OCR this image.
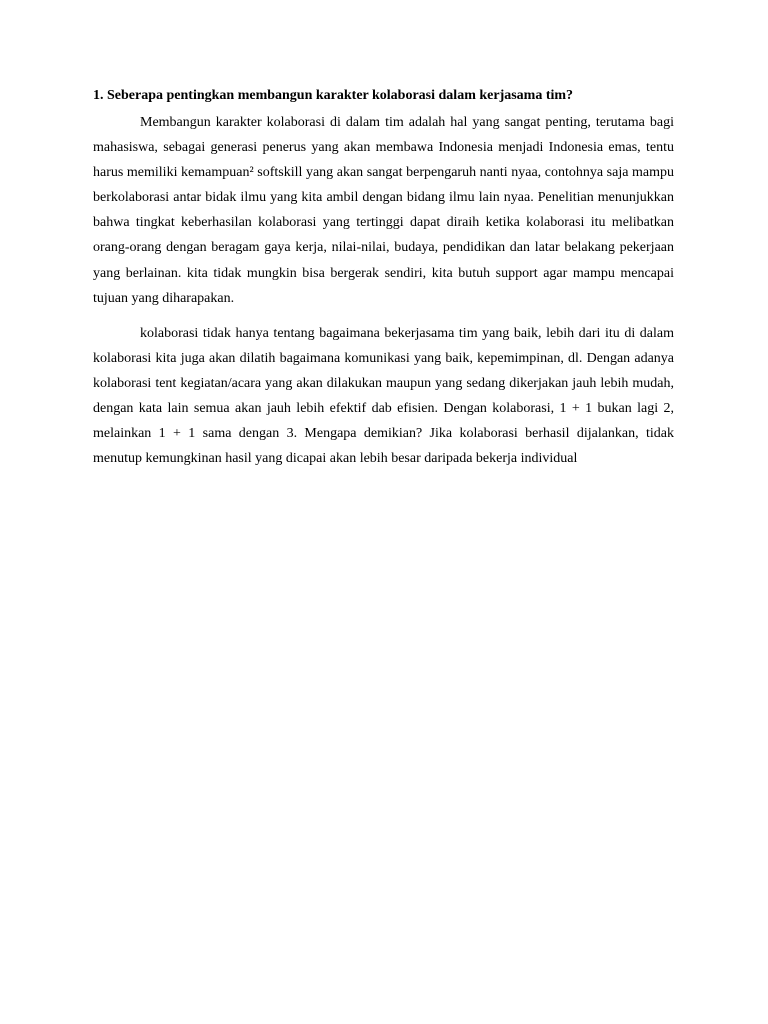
1. Seberapa pentingkan membangun karakter kolaborasi dalam kerjasama tim?

Membangun karakter kolaborasi di dalam tim adalah hal yang sangat penting, terutama bagi mahasiswa, sebagai generasi penerus yang akan membawa Indonesia menjadi Indonesia emas, tentu harus memiliki kemampuan² softskill yang akan sangat berpengaruh nanti nyaa, contohnya saja mampu berkolaborasi antar bidak ilmu yang kita ambil dengan bidang ilmu lain nyaa. Penelitian menunjukkan bahwa tingkat keberhasilan kolaborasi yang tertinggi dapat diraih ketika kolaborasi itu melibatkan orang-orang dengan beragam gaya kerja, nilai-nilai, budaya, pendidikan dan latar belakang pekerjaan yang berlainan. kita tidak mungkin bisa bergerak sendiri, kita butuh support agar mampu mencapai tujuan yang diharapakan.

kolaborasi tidak hanya tentang bagaimana bekerjasama tim yang baik, lebih dari itu di dalam kolaborasi kita juga akan dilatih bagaimana komunikasi yang baik, kepemimpinan, dl. Dengan adanya kolaborasi tent kegiatan/acara yang akan dilakukan maupun yang sedang dikerjakan jauh lebih mudah, dengan kata lain semua akan jauh lebih efektif dab efisien. Dengan kolaborasi, 1 + 1 bukan lagi 2, melainkan 1 + 1 sama dengan 3. Mengapa demikian? Jika kolaborasi berhasil dijalankan, tidak menutup kemungkinan hasil yang dicapai akan lebih besar daripada bekerja individual
